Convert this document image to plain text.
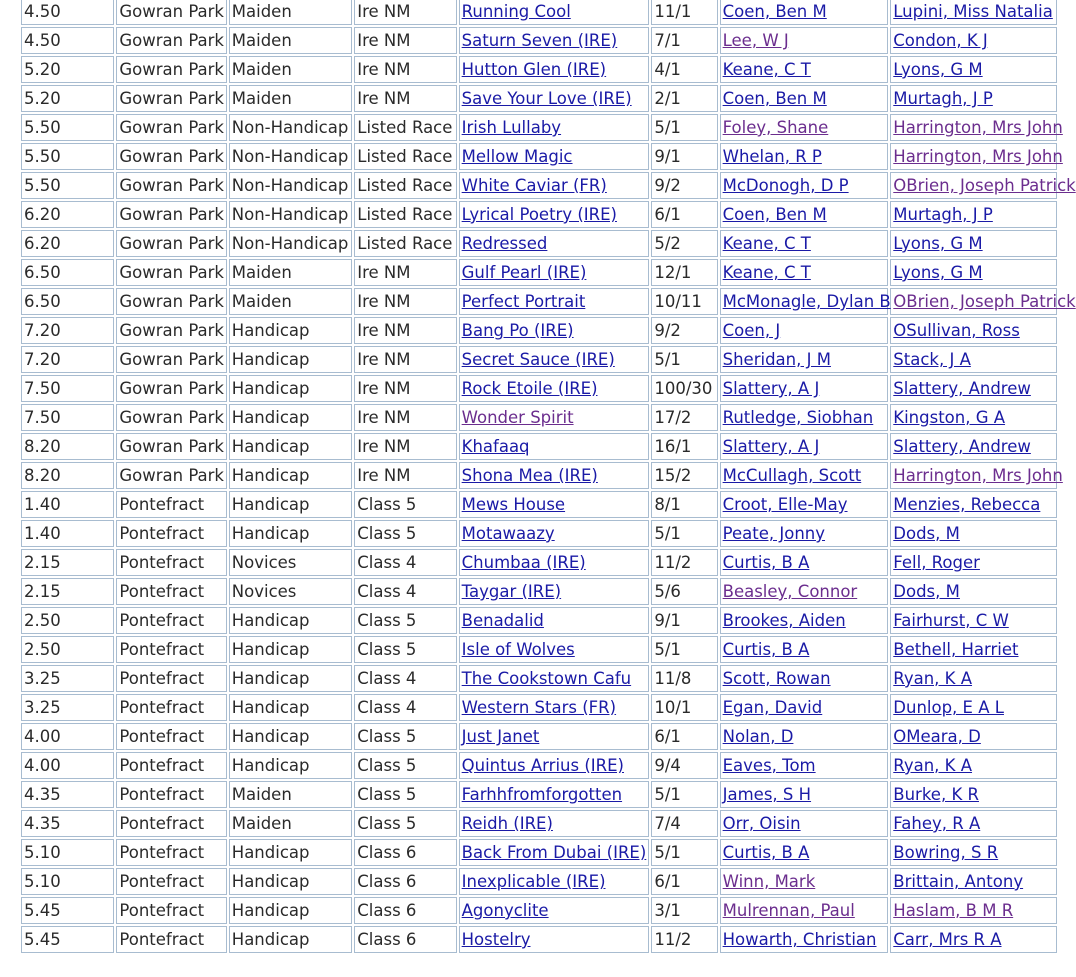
4.50	Gowran Park	Maiden	Ire NM	Running Cool	11/1	Coen, Ben M	Lupini, Miss Natalia
4.50	Gowran Park	Maiden	Ire NM	Saturn Seven (IRE)	7/1	Lee, W J	Condon, K J
5.20	Gowran Park	Maiden	Ire NM	Hutton Glen (IRE)	4/1	Keane, C T	Lyons, G M
5.20	Gowran Park	Maiden	Ire NM	Save Your Love (IRE)	2/1	Coen, Ben M	Murtagh, J P
5.50	Gowran Park	Non-Handicap	Listed Race	Irish Lullaby	5/1	Foley, Shane	Harrington, Mrs John
5.50	Gowran Park	Non-Handicap	Listed Race	Mellow Magic	9/1	Whelan, R P	Harrington, Mrs John
5.50	Gowran Park	Non-Handicap	Listed Race	White Caviar (FR)	9/2	McDonogh, D P	OBrien, Joseph Patrick
6.20	Gowran Park	Non-Handicap	Listed Race	Lyrical Poetry (IRE)	6/1	Coen, Ben M	Murtagh, J P
6.20	Gowran Park	Non-Handicap	Listed Race	Redressed	5/2	Keane, C T	Lyons, G M
6.50	Gowran Park	Maiden	Ire NM	Gulf Pearl (IRE)	12/1	Keane, C T	Lyons, G M
6.50	Gowran Park	Maiden	Ire NM	Perfect Portrait	10/11	McMonagle, Dylan B	OBrien, Joseph Patrick
7.20	Gowran Park	Handicap	Ire NM	Bang Po (IRE)	9/2	Coen, J	OSullivan, Ross
7.20	Gowran Park	Handicap	Ire NM	Secret Sauce (IRE)	5/1	Sheridan, J M	Stack, J A
7.50	Gowran Park	Handicap	Ire NM	Rock Etoile (IRE)	100/30	Slattery, A J	Slattery, Andrew
7.50	Gowran Park	Handicap	Ire NM	Wonder Spirit	17/2	Rutledge, Siobhan	Kingston, G A
8.20	Gowran Park	Handicap	Ire NM	Khafaaq	16/1	Slattery, A J	Slattery, Andrew
8.20	Gowran Park	Handicap	Ire NM	Shona Mea (IRE)	15/2	McCullagh, Scott	Harrington, Mrs John
1.40	Pontefract	Handicap	Class 5	Mews House	8/1	Croot, Elle-May	Menzies, Rebecca
1.40	Pontefract	Handicap	Class 5	Motawaazy	5/1	Peate, Jonny	Dods, M
2.15	Pontefract	Novices	Class 4	Chumbaa (IRE)	11/2	Curtis, B A	Fell, Roger
2.15	Pontefract	Novices	Class 4	Taygar (IRE)	5/6	Beasley, Connor	Dods, M
2.50	Pontefract	Handicap	Class 5	Benadalid	9/1	Brookes, Aiden	Fairhurst, C W
2.50	Pontefract	Handicap	Class 5	Isle of Wolves	5/1	Curtis, B A	Bethell, Harriet
3.25	Pontefract	Handicap	Class 4	The Cookstown Cafu	11/8	Scott, Rowan	Ryan, K A
3.25	Pontefract	Handicap	Class 4	Western Stars (FR)	10/1	Egan, David	Dunlop, E A L
4.00	Pontefract	Handicap	Class 5	Just Janet	6/1	Nolan, D	OMeara, D
4.00	Pontefract	Handicap	Class 5	Quintus Arrius (IRE)	9/4	Eaves, Tom	Ryan, K A
4.35	Pontefract	Maiden	Class 5	Farhhfromforgotten	5/1	James, S H	Burke, K R
4.35	Pontefract	Maiden	Class 5	Reidh (IRE)	7/4	Orr, Oisin	Fahey, R A
5.10	Pontefract	Handicap	Class 6	Back From Dubai (IRE)	5/1	Curtis, B A	Bowring, S R
5.10	Pontefract	Handicap	Class 6	Inexplicable (IRE)	6/1	Winn, Mark	Brittain, Antony
5.45	Pontefract	Handicap	Class 6	Agonyclite	3/1	Mulrennan, Paul	Haslam, B M R
5.45	Pontefract	Handicap	Class 6	Hostelry	11/2	Howarth, Christian	Carr, Mrs R A
